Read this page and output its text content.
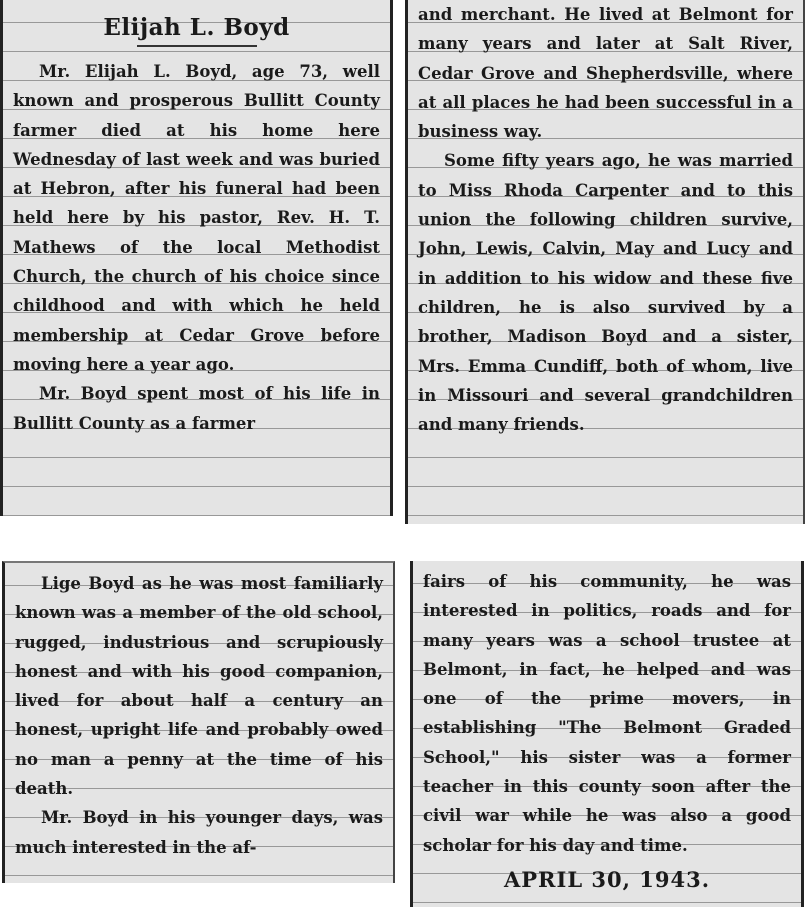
Elijah L. Boyd

Mr. Elijah L. Boyd, age 73, well known and prosperous Bullitt County farmer died at his home here Wednesday of last week and was buried at Hebron, after his funeral had been held here by his pastor, Rev. H. T. Mathews of the local Methodist Church, the church of his choice since childhood and with which he held membership at Cedar Grove before moving here a year ago.

Mr. Boyd spent most of his life in Bullitt County as a farmer

and merchant. He lived at Belmont for many years and later at Salt River, Cedar Grove and Shepherdsville, where at all places he had been successful in a business way.

Some fifty years ago, he was married to Miss Rhoda Carpenter and to this union the following children survive, John, Lewis, Calvin, May and Lucy and in addition to his widow and these five children, he is also survived by a brother, Madison Boyd and a sister, Mrs. Emma Cundiff, both of whom, live in Missouri and several grandchildren and many friends.

Lige Boyd as he was most familiarly known was a member of the old school, rugged, industrious and scrupiously honest and with his good companion, lived for about half a century an honest, upright life and probably owed no man a penny at the time of his death.

Mr. Boyd in his younger days, was much interested in the af-

fairs of his community, he was interested in politics, roads and for many years was a school trustee at Belmont, in fact, he helped and was one of the prime movers, in establishing "The Belmont Graded School," his sister was a former teacher in this county soon after the civil war while he was also a good scholar for his day and time.

APRIL 30, 1943.
